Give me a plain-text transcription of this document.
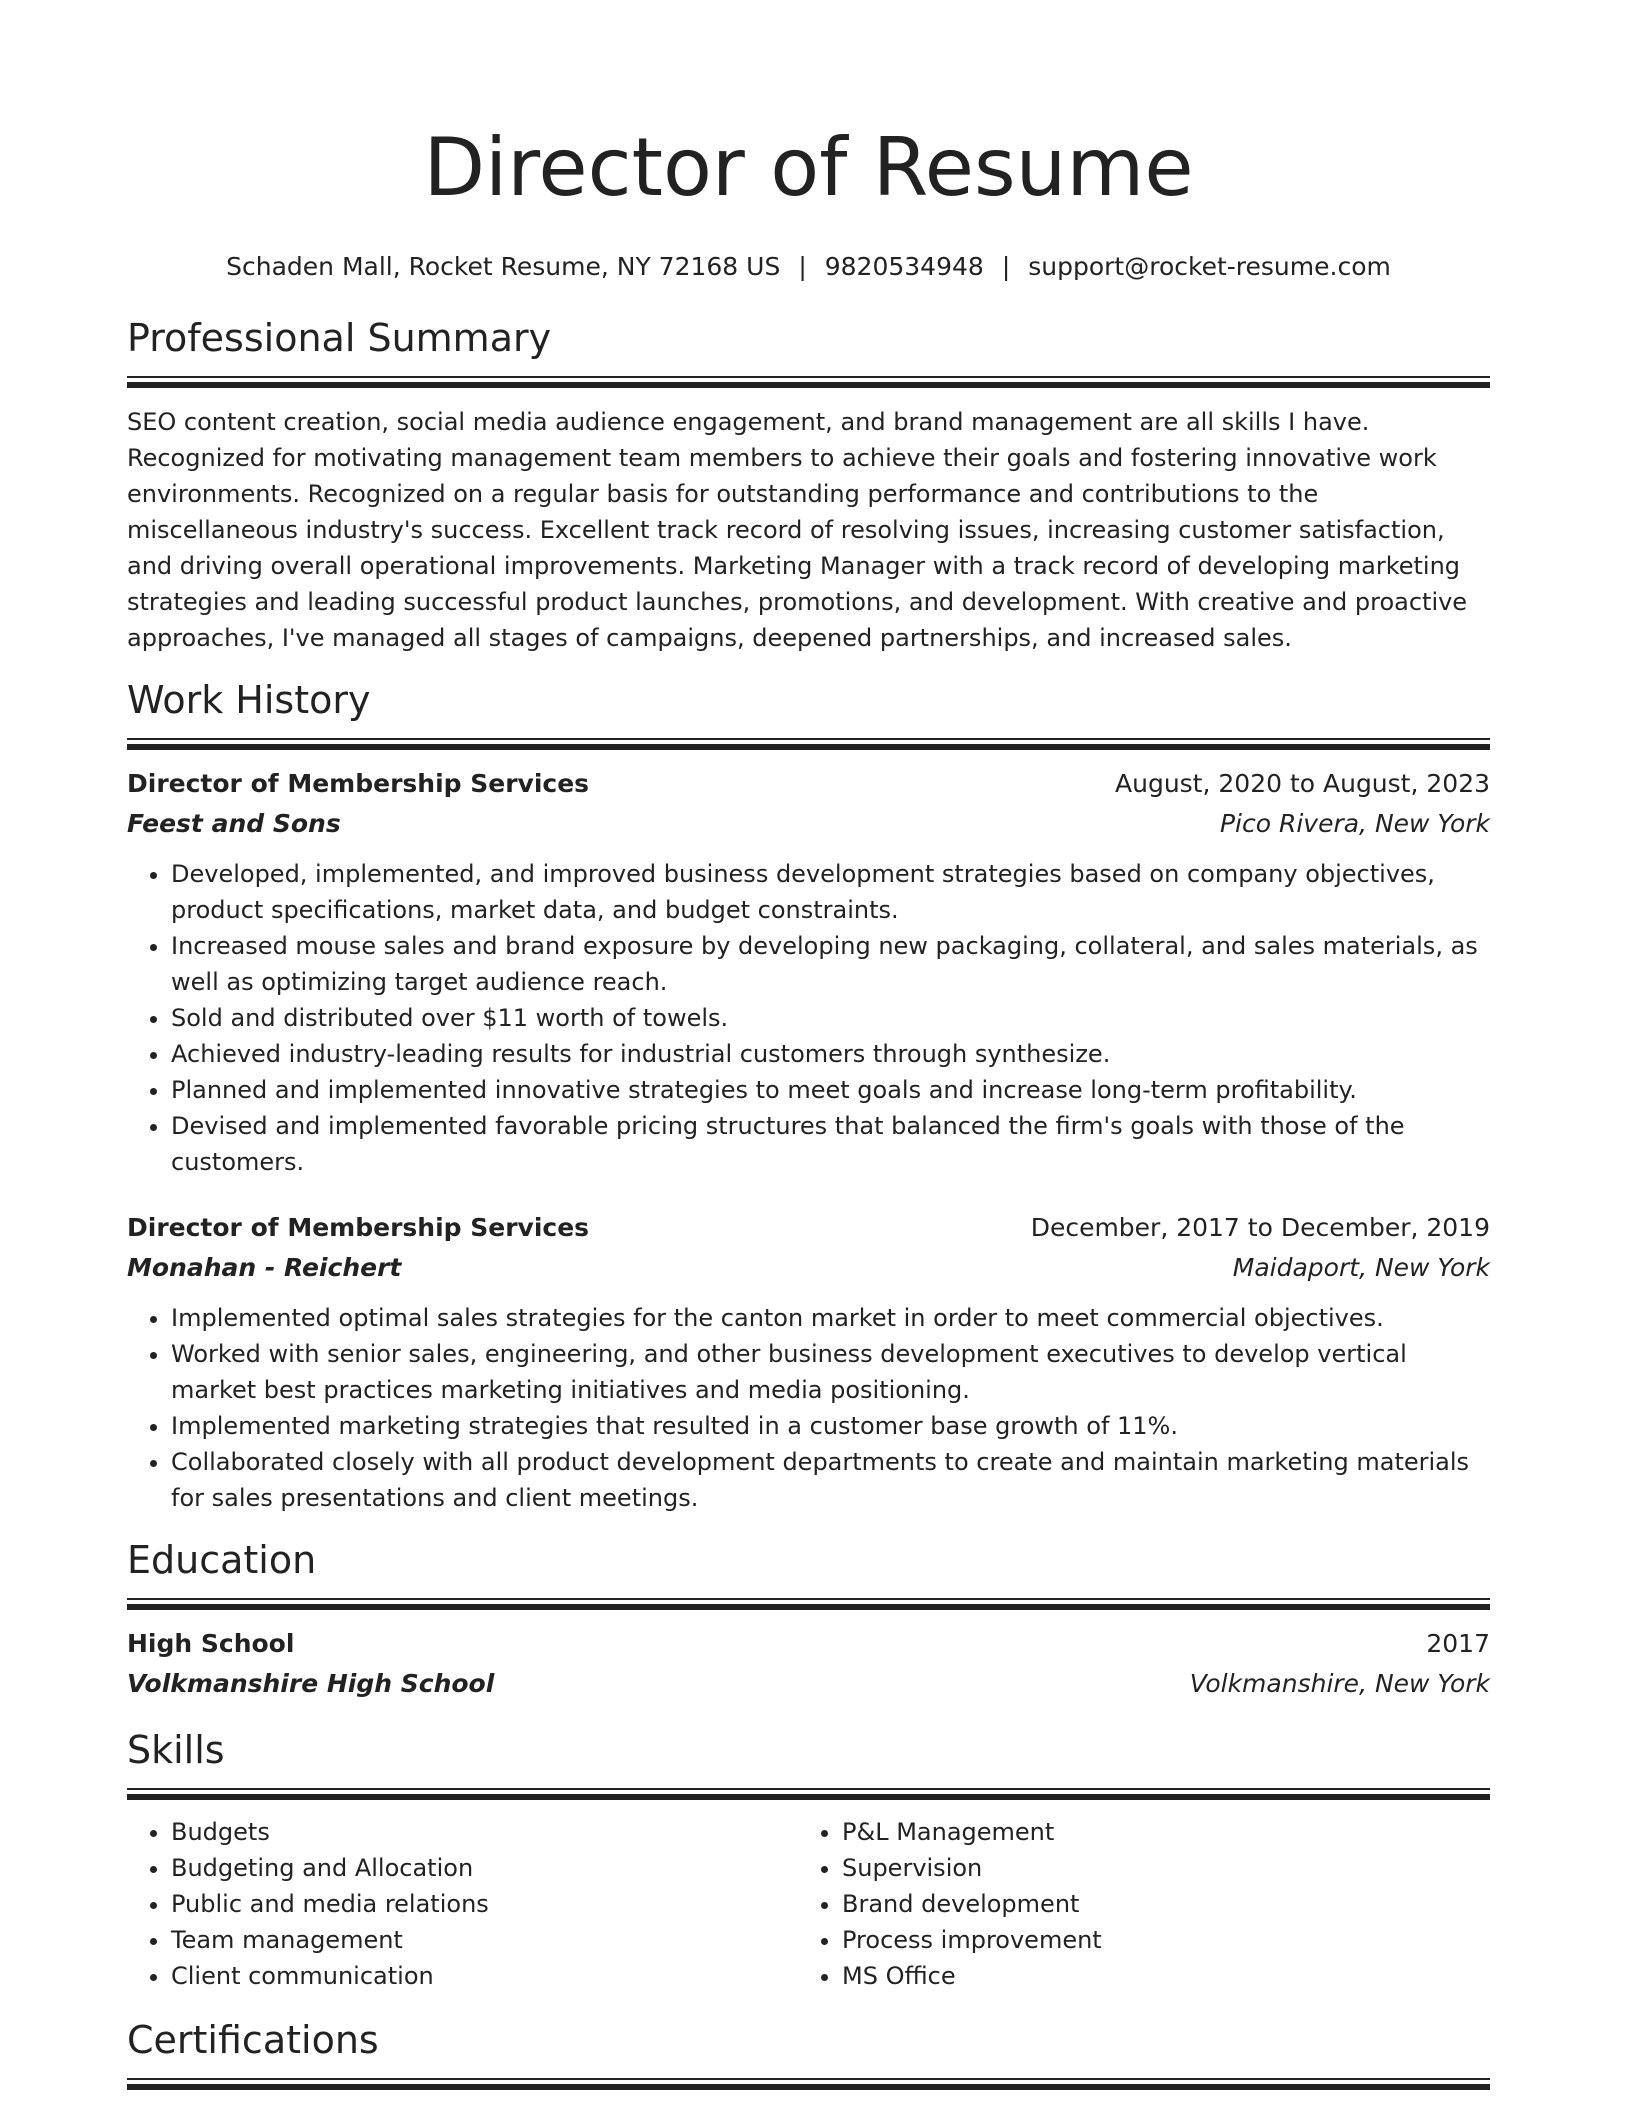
Director of Resume
Schaden Mall, Rocket Resume, NY 72168 US | 9820534948 | support@rocket-resume.com
Professional Summary

SEO content creation, social media audience engagement, and brand management are all skills I have. Recognized for motivating management team members to achieve their goals and fostering innovative work environments. Recognized on a regular basis for outstanding performance and contributions to the miscellaneous industry's success. Excellent track record of resolving issues, increasing customer satisfaction, and driving overall operational improvements. Marketing Manager with a track record of developing marketing strategies and leading successful product launches, promotions, and development. With creative and proactive approaches, I've managed all stages of campaigns, deepened partnerships, and increased sales.

Work History
Director of Membership Services	August, 2020 to August, 2023
Feest and Sons	Pico Rivera, New York
• Developed, implemented, and improved business development strategies based on company objectives, product specifications, market data, and budget constraints.
• Increased mouse sales and brand exposure by developing new packaging, collateral, and sales materials, as well as optimizing target audience reach.
• Sold and distributed over $11 worth of towels.
• Achieved industry-leading results for industrial customers through synthesize.
• Planned and implemented innovative strategies to meet goals and increase long-term profitability.
• Devised and implemented favorable pricing structures that balanced the firm's goals with those of the customers.
Director of Membership Services	December, 2017 to December, 2019
Monahan - Reichert	Maidaport, New York
• Implemented optimal sales strategies for the canton market in order to meet commercial objectives.
• Worked with senior sales, engineering, and other business development executives to develop vertical market best practices marketing initiatives and media positioning.
• Implemented marketing strategies that resulted in a customer base growth of 11%.
• Collaborated closely with all product development departments to create and maintain marketing materials for sales presentations and client meetings.
Education
High School	2017
Volkmanshire High School	Volkmanshire, New York
Skills
• Budgets
• Budgeting and Allocation
• Public and media relations
• Team management
• Client communication
• P&L Management
• Supervision
• Brand development
• Process improvement
• MS Office
Certifications
